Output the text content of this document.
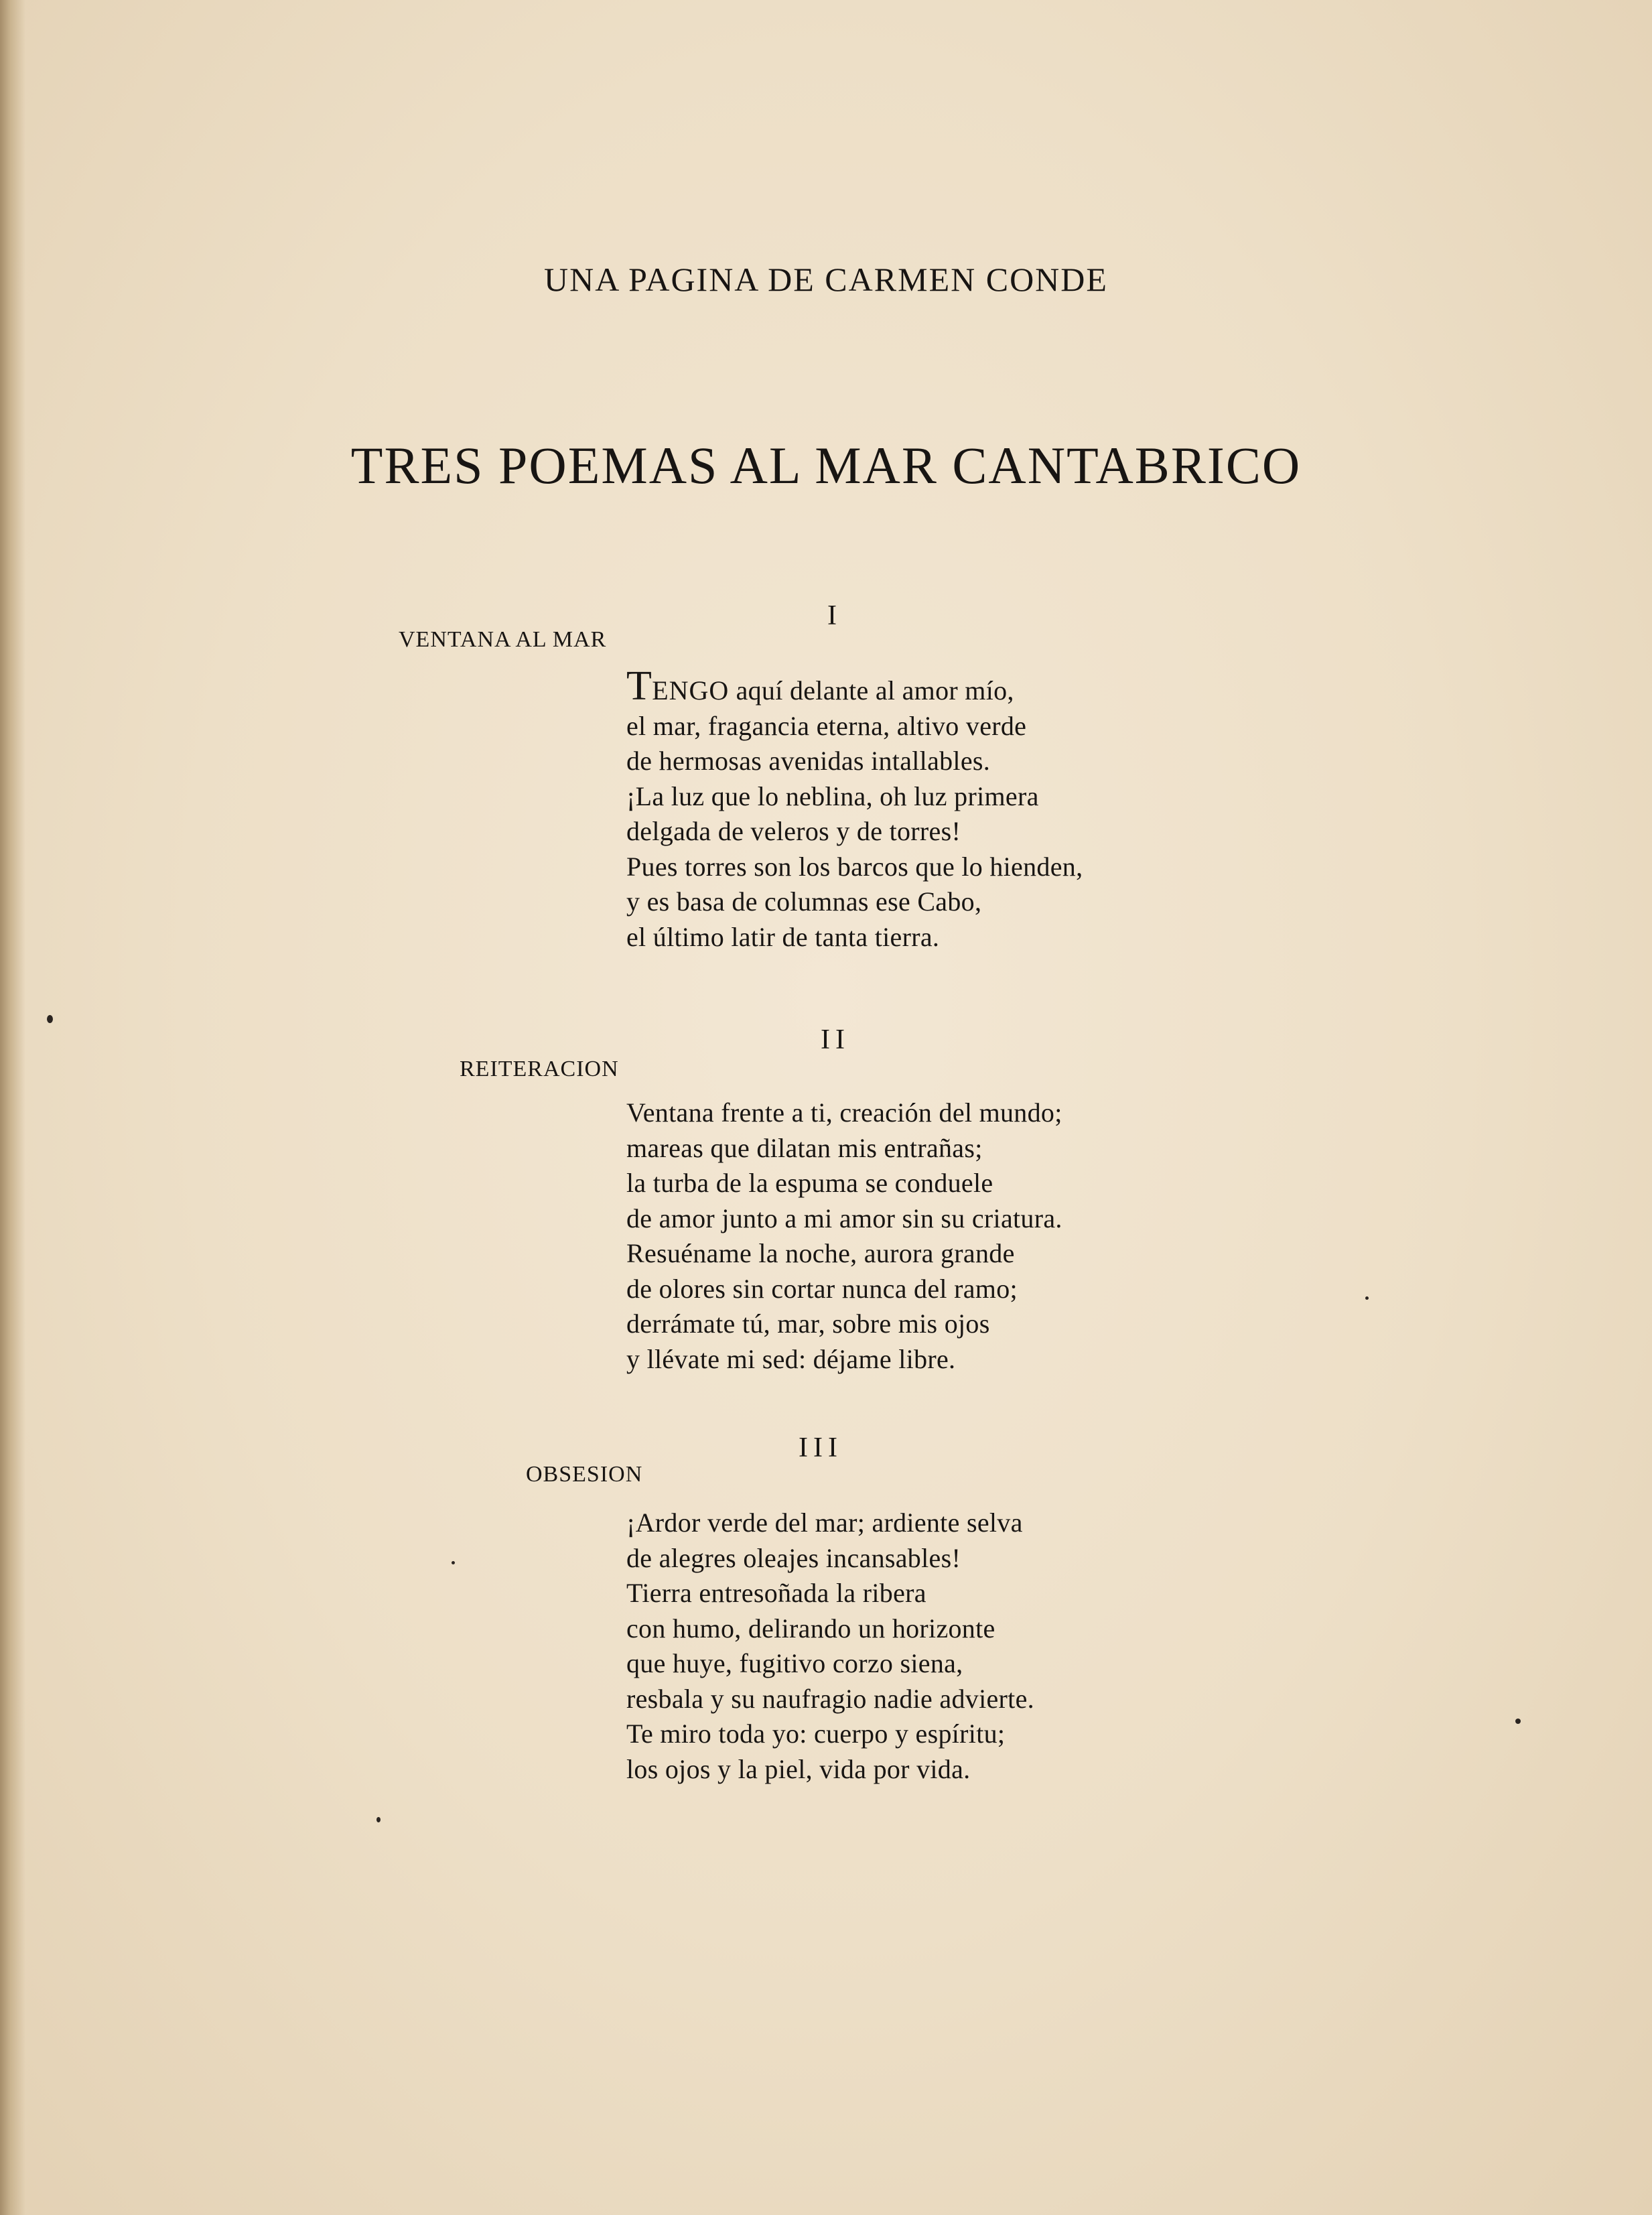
UNA PAGINA DE CARMEN CONDE
TRES POEMAS AL MAR CANTABRICO
I
VENTANA AL MAR
TENGO aquí delante al amor mío,
el mar, fragancia eterna, altivo verde
de hermosas avenidas intallables.
¡La luz que lo neblina, oh luz primera
delgada de veleros y de torres!
Pues torres son los barcos que lo hienden,
y es basa de columnas ese Cabo,
el último latir de tanta tierra.
II
REITERACION
Ventana frente a ti, creación del mundo;
mareas que dilatan mis entrañas;
la turba de la espuma se conduele
de amor junto a mi amor sin su criatura.
Resuéname la noche, aurora grande
de olores sin cortar nunca del ramo;
derrámate tú, mar, sobre mis ojos
y llévate mi sed: déjame libre.
III
OBSESION
¡Ardor verde del mar; ardiente selva
de alegres oleajes incansables!
Tierra entresoñada la ribera
con humo, delirando un horizonte
que huye, fugitivo corzo siena,
resbala y su naufragio nadie advierte.
Te miro toda yo: cuerpo y espíritu;
los ojos y la piel, vida por vida.
